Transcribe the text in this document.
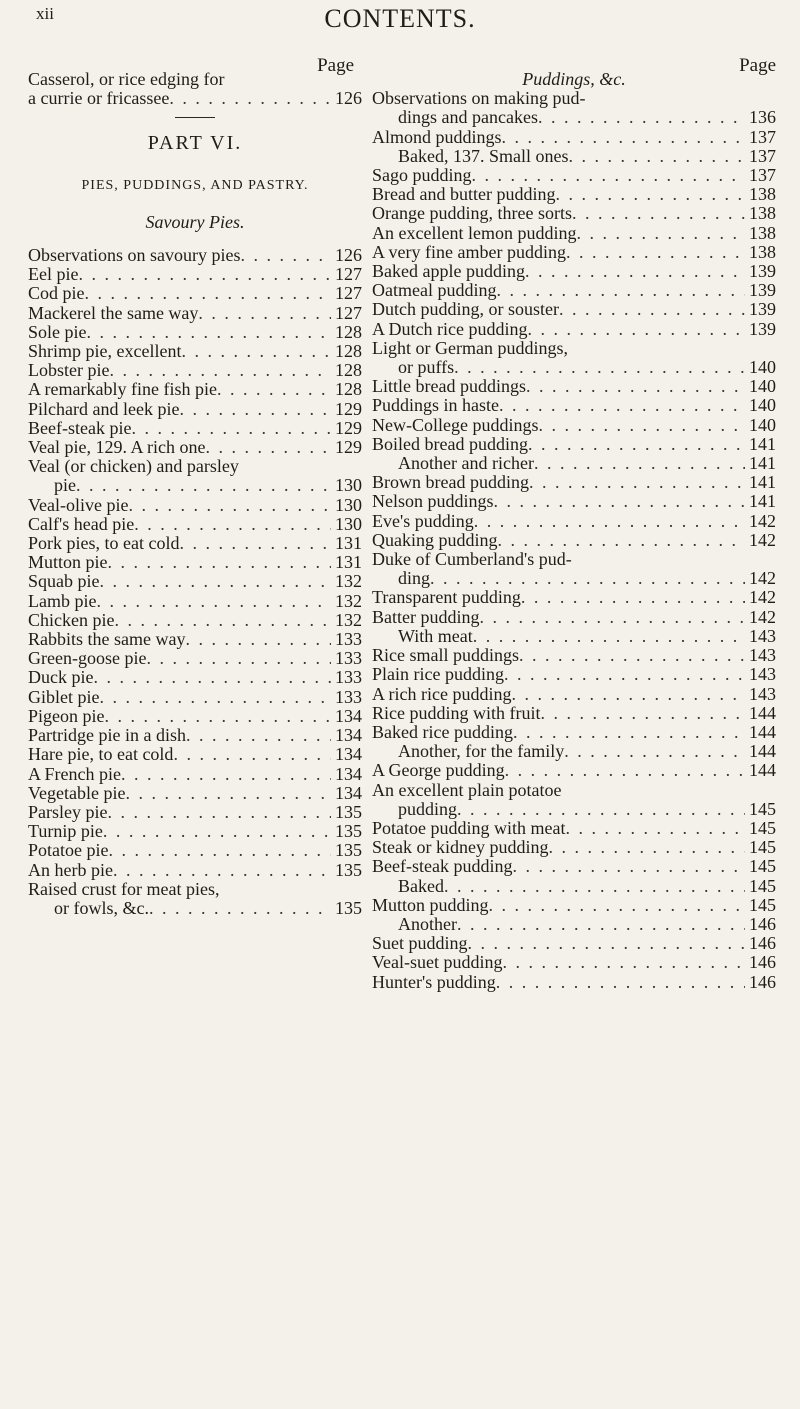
xii	CONTENTS.
Page
Casserol, or rice edging for
a currie or fricassee . . .	126
PART VI.
PIES, PUDDINGS, AND PASTRY.
Savoury Pies.
Observations on savoury pies . . .	126
Eel pie . . .	127
Cod pie . . .	127
Mackerel the same way . . .	127
Sole pie . . .	128
Shrimp pie, excellent . . .	128
Lobster pie . . .	128
A remarkably fine fish pie . . .	128
Pilchard and leek pie . . .	129
Beef-steak pie . . .	129
Veal pie, 129. A rich one . . .	129
Veal (or chicken) and parsley
pie . . .	130
Veal-olive pie . . .	130
Calf's head pie . . .	130
Pork pies, to eat cold . . .	131
Mutton pie . . .	131
Squab pie . . .	132
Lamb pie . . .	132
Chicken pie . . .	132
Rabbits the same way . . .	133
Green-goose pie . . .	133
Duck pie . . .	133
Giblet pie . . .	133
Pigeon pie . . .	134
Partridge pie in a dish . . .	134
Hare pie, to eat cold . . .	134
A French pie . . .	134
Vegetable pie . . .	134
Parsley pie . . .	135
Turnip pie . . .	135
Potatoe pie . . .	135
An herb pie . . .	135
Raised crust for meat pies,
or fowls, &c. . . .	135
Page
Puddings, &c.
Observations on making pud-
dings and pancakes . . .	136
Almond puddings . . .	137
Baked, 137. Small ones . . .	137
Sago pudding . . .	137
Bread and butter pudding . . .	138
Orange pudding, three sorts . . .	138
An excellent lemon pudding . . .	138
A very fine amber pudding . . .	138
Baked apple pudding . . .	139
Oatmeal pudding . . .	139
Dutch pudding, or souster . . .	139
A Dutch rice pudding . . .	139
Light or German puddings,
or puffs . . .	140
Little bread puddings . . .	140
Puddings in haste . . .	140
New-College puddings . . .	140
Boiled bread pudding . . .	141
Another and richer . . .	141
Brown bread pudding . . .	141
Nelson puddings . . .	141
Eve's pudding . . .	142
Quaking pudding . . .	142
Duke of Cumberland's pud-
ding . . .	142
Transparent pudding . . .	142
Batter pudding . . .	142
With meat . . .	143
Rice small puddings . . .	143
Plain rice pudding . . .	143
A rich rice pudding . . .	143
Rice pudding with fruit . . .	144
Baked rice pudding . . .	144
Another, for the family . . .	144
A George pudding . . .	144
An excellent plain potatoe
pudding . . .	145
Potatoe pudding with meat . . .	145
Steak or kidney pudding . . .	145
Beef-steak pudding . . .	145
Baked . . .	145
Mutton pudding . . .	145
Another . . .	146
Suet pudding . . .	146
Veal-suet pudding . . .	146
Hunter's pudding . . .	146
